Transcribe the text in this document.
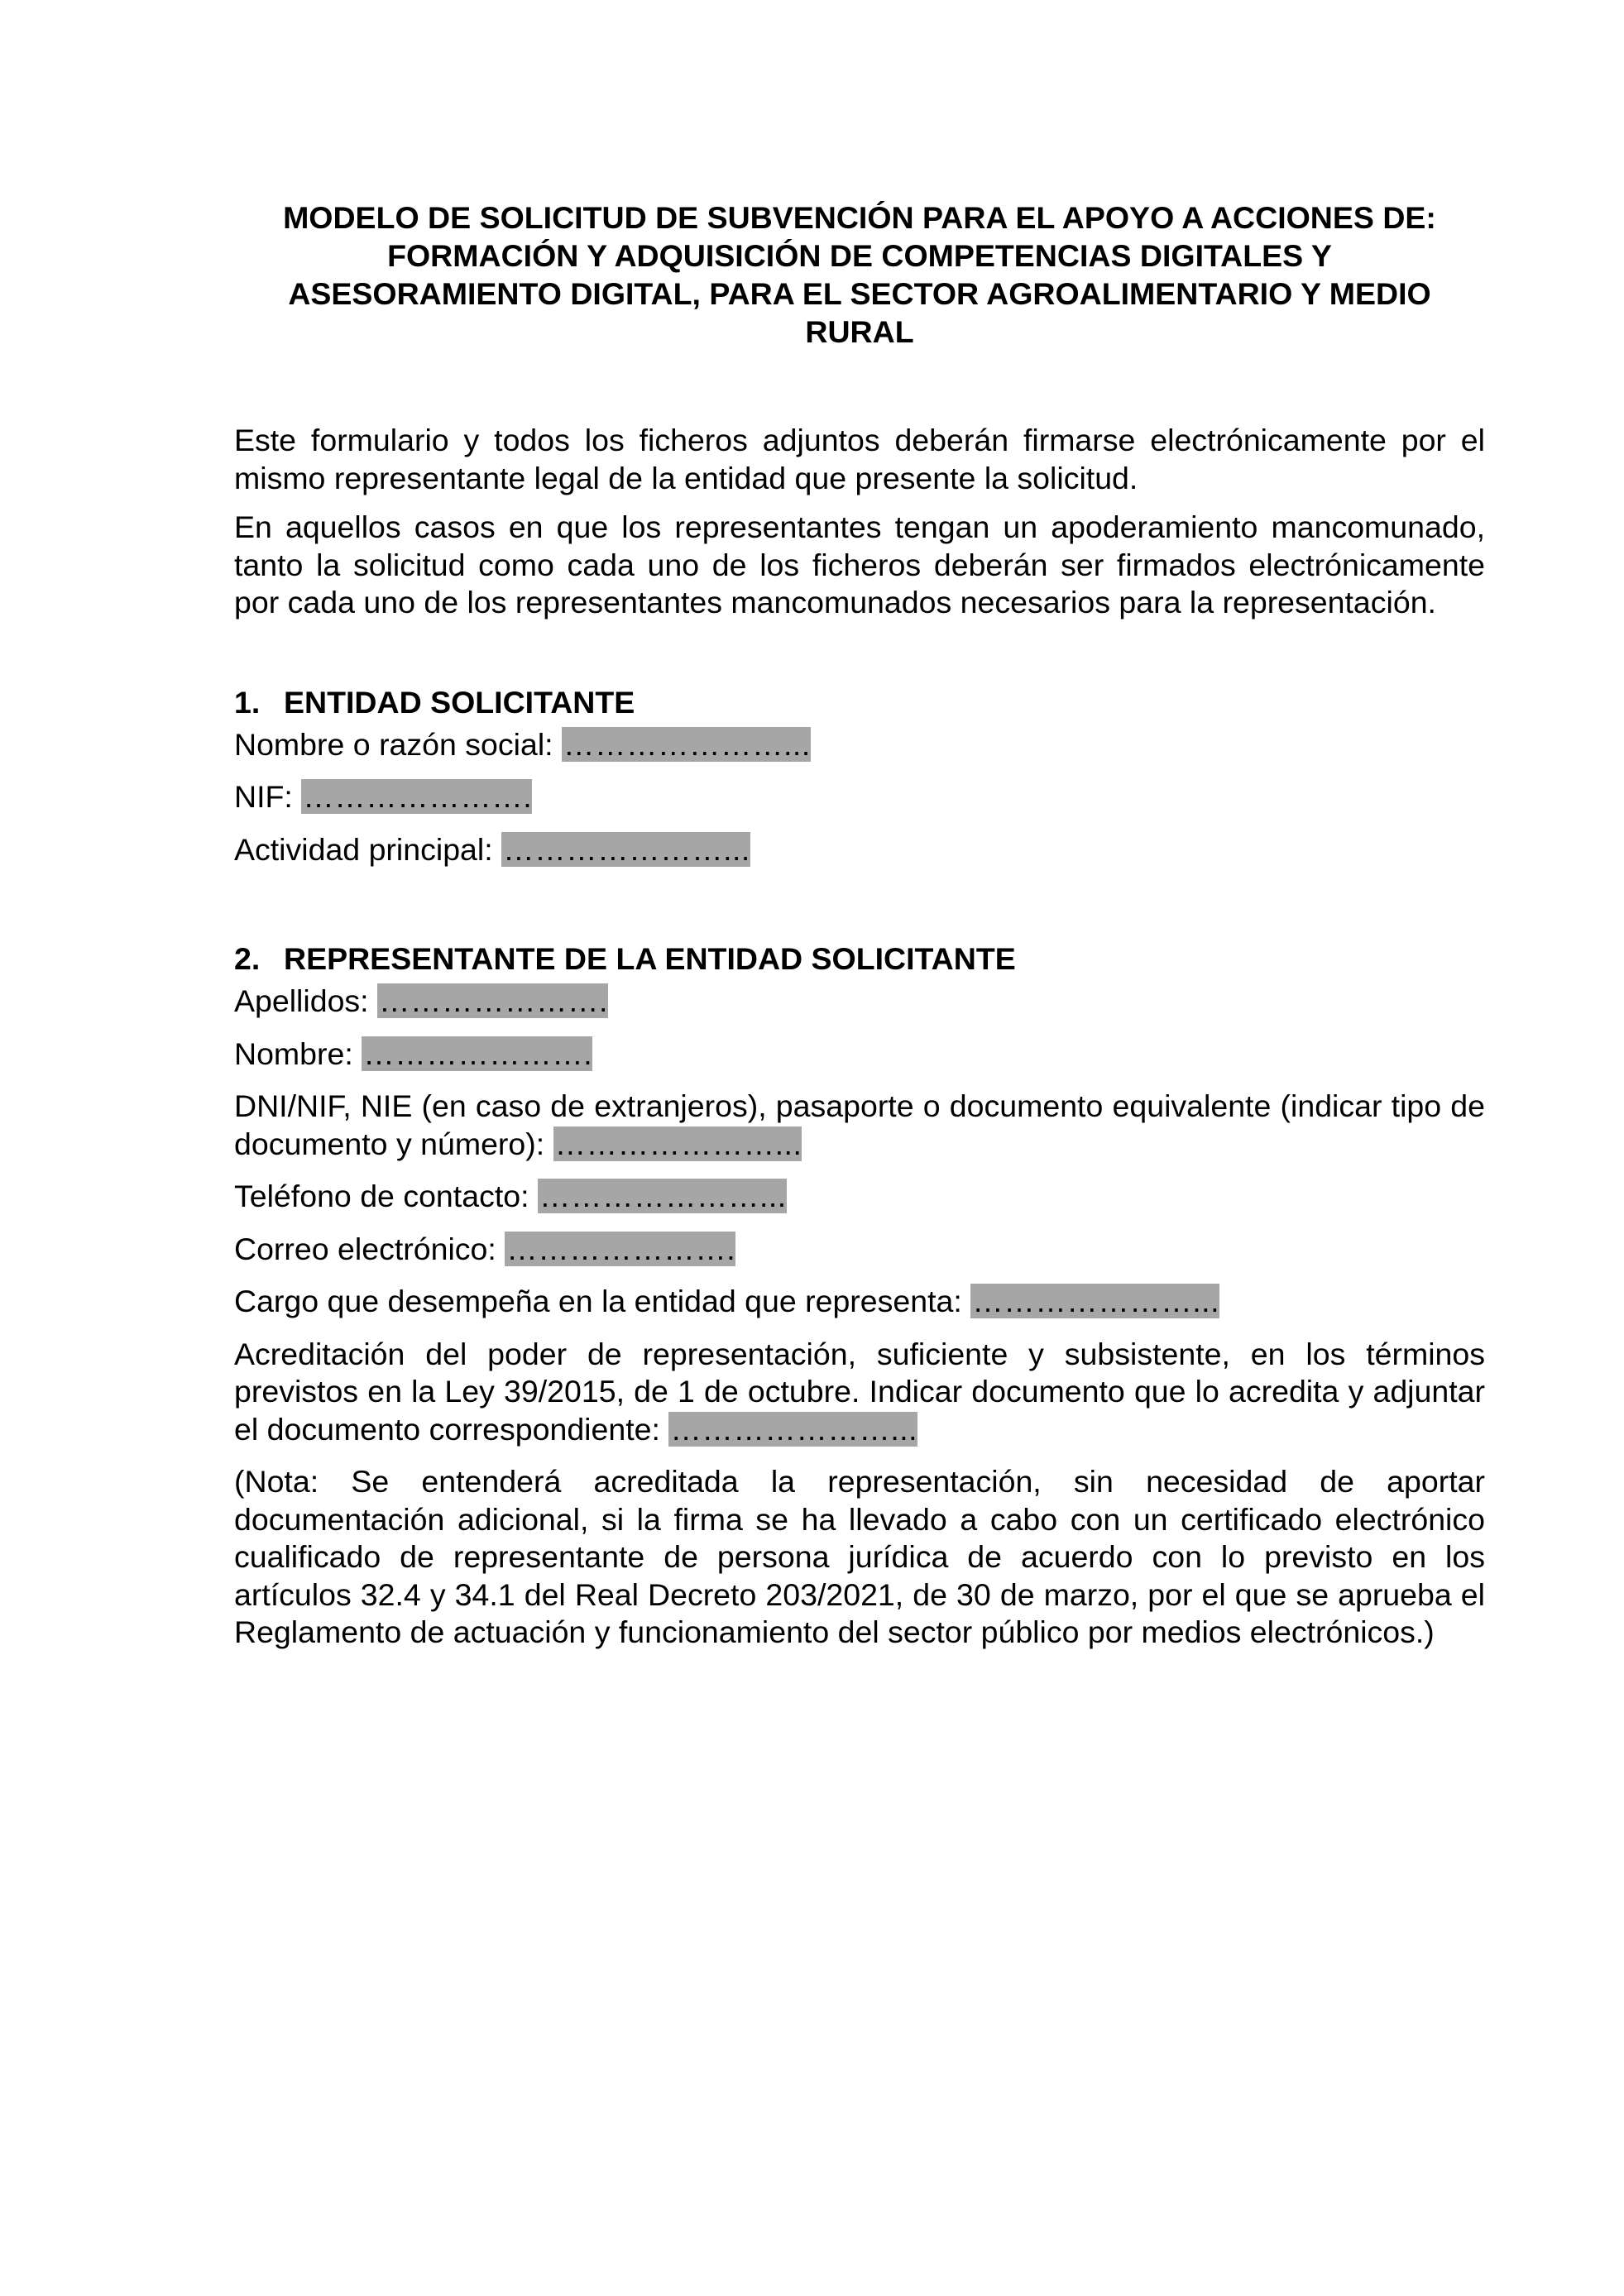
MODELO DE SOLICITUD DE SUBVENCIÓN PARA EL APOYO A ACCIONES DE:
FORMACIÓN Y ADQUISICIÓN DE COMPETENCIAS DIGITALES Y
ASESORAMIENTO DIGITAL, PARA EL SECTOR AGROALIMENTARIO Y MEDIO
RURAL

Este formulario y todos los ficheros adjuntos deberán firmarse electrónicamente por el mismo representante legal de la entidad que presente la solicitud.

En aquellos casos en que los representantes tengan un apoderamiento mancomunado, tanto la solicitud como cada uno de los ficheros deberán ser firmados electrónicamente por cada uno de los representantes mancomunados necesarios para la representación.

1. ENTIDAD SOLICITANTE

Nombre o razón social: …………………...

NIF: ………………….

Actividad principal: …………………...

2. REPRESENTANTE DE LA ENTIDAD SOLICITANTE

Apellidos: ………………….

Nombre: ………………….

DNI/NIF, NIE (en caso de extranjeros), pasaporte o documento equivalente (indicar tipo de documento y número): …………………...

Teléfono de contacto: …………………...

Correo electrónico: ………………….

Cargo que desempeña en la entidad que representa: …………………...

Acreditación del poder de representación, suficiente y subsistente, en los términos previstos en la Ley 39/2015, de 1 de octubre. Indicar documento que lo acredita y adjuntar el documento correspondiente: …………………...

(Nota: Se entenderá acreditada la representación, sin necesidad de aportar documentación adicional, si la firma se ha llevado a cabo con un certificado electrónico cualificado de representante de persona jurídica de acuerdo con lo previsto en los artículos 32.4 y 34.1 del Real Decreto 203/2021, de 30 de marzo, por el que se aprueba el Reglamento de actuación y funcionamiento del sector público por medios electrónicos.)
